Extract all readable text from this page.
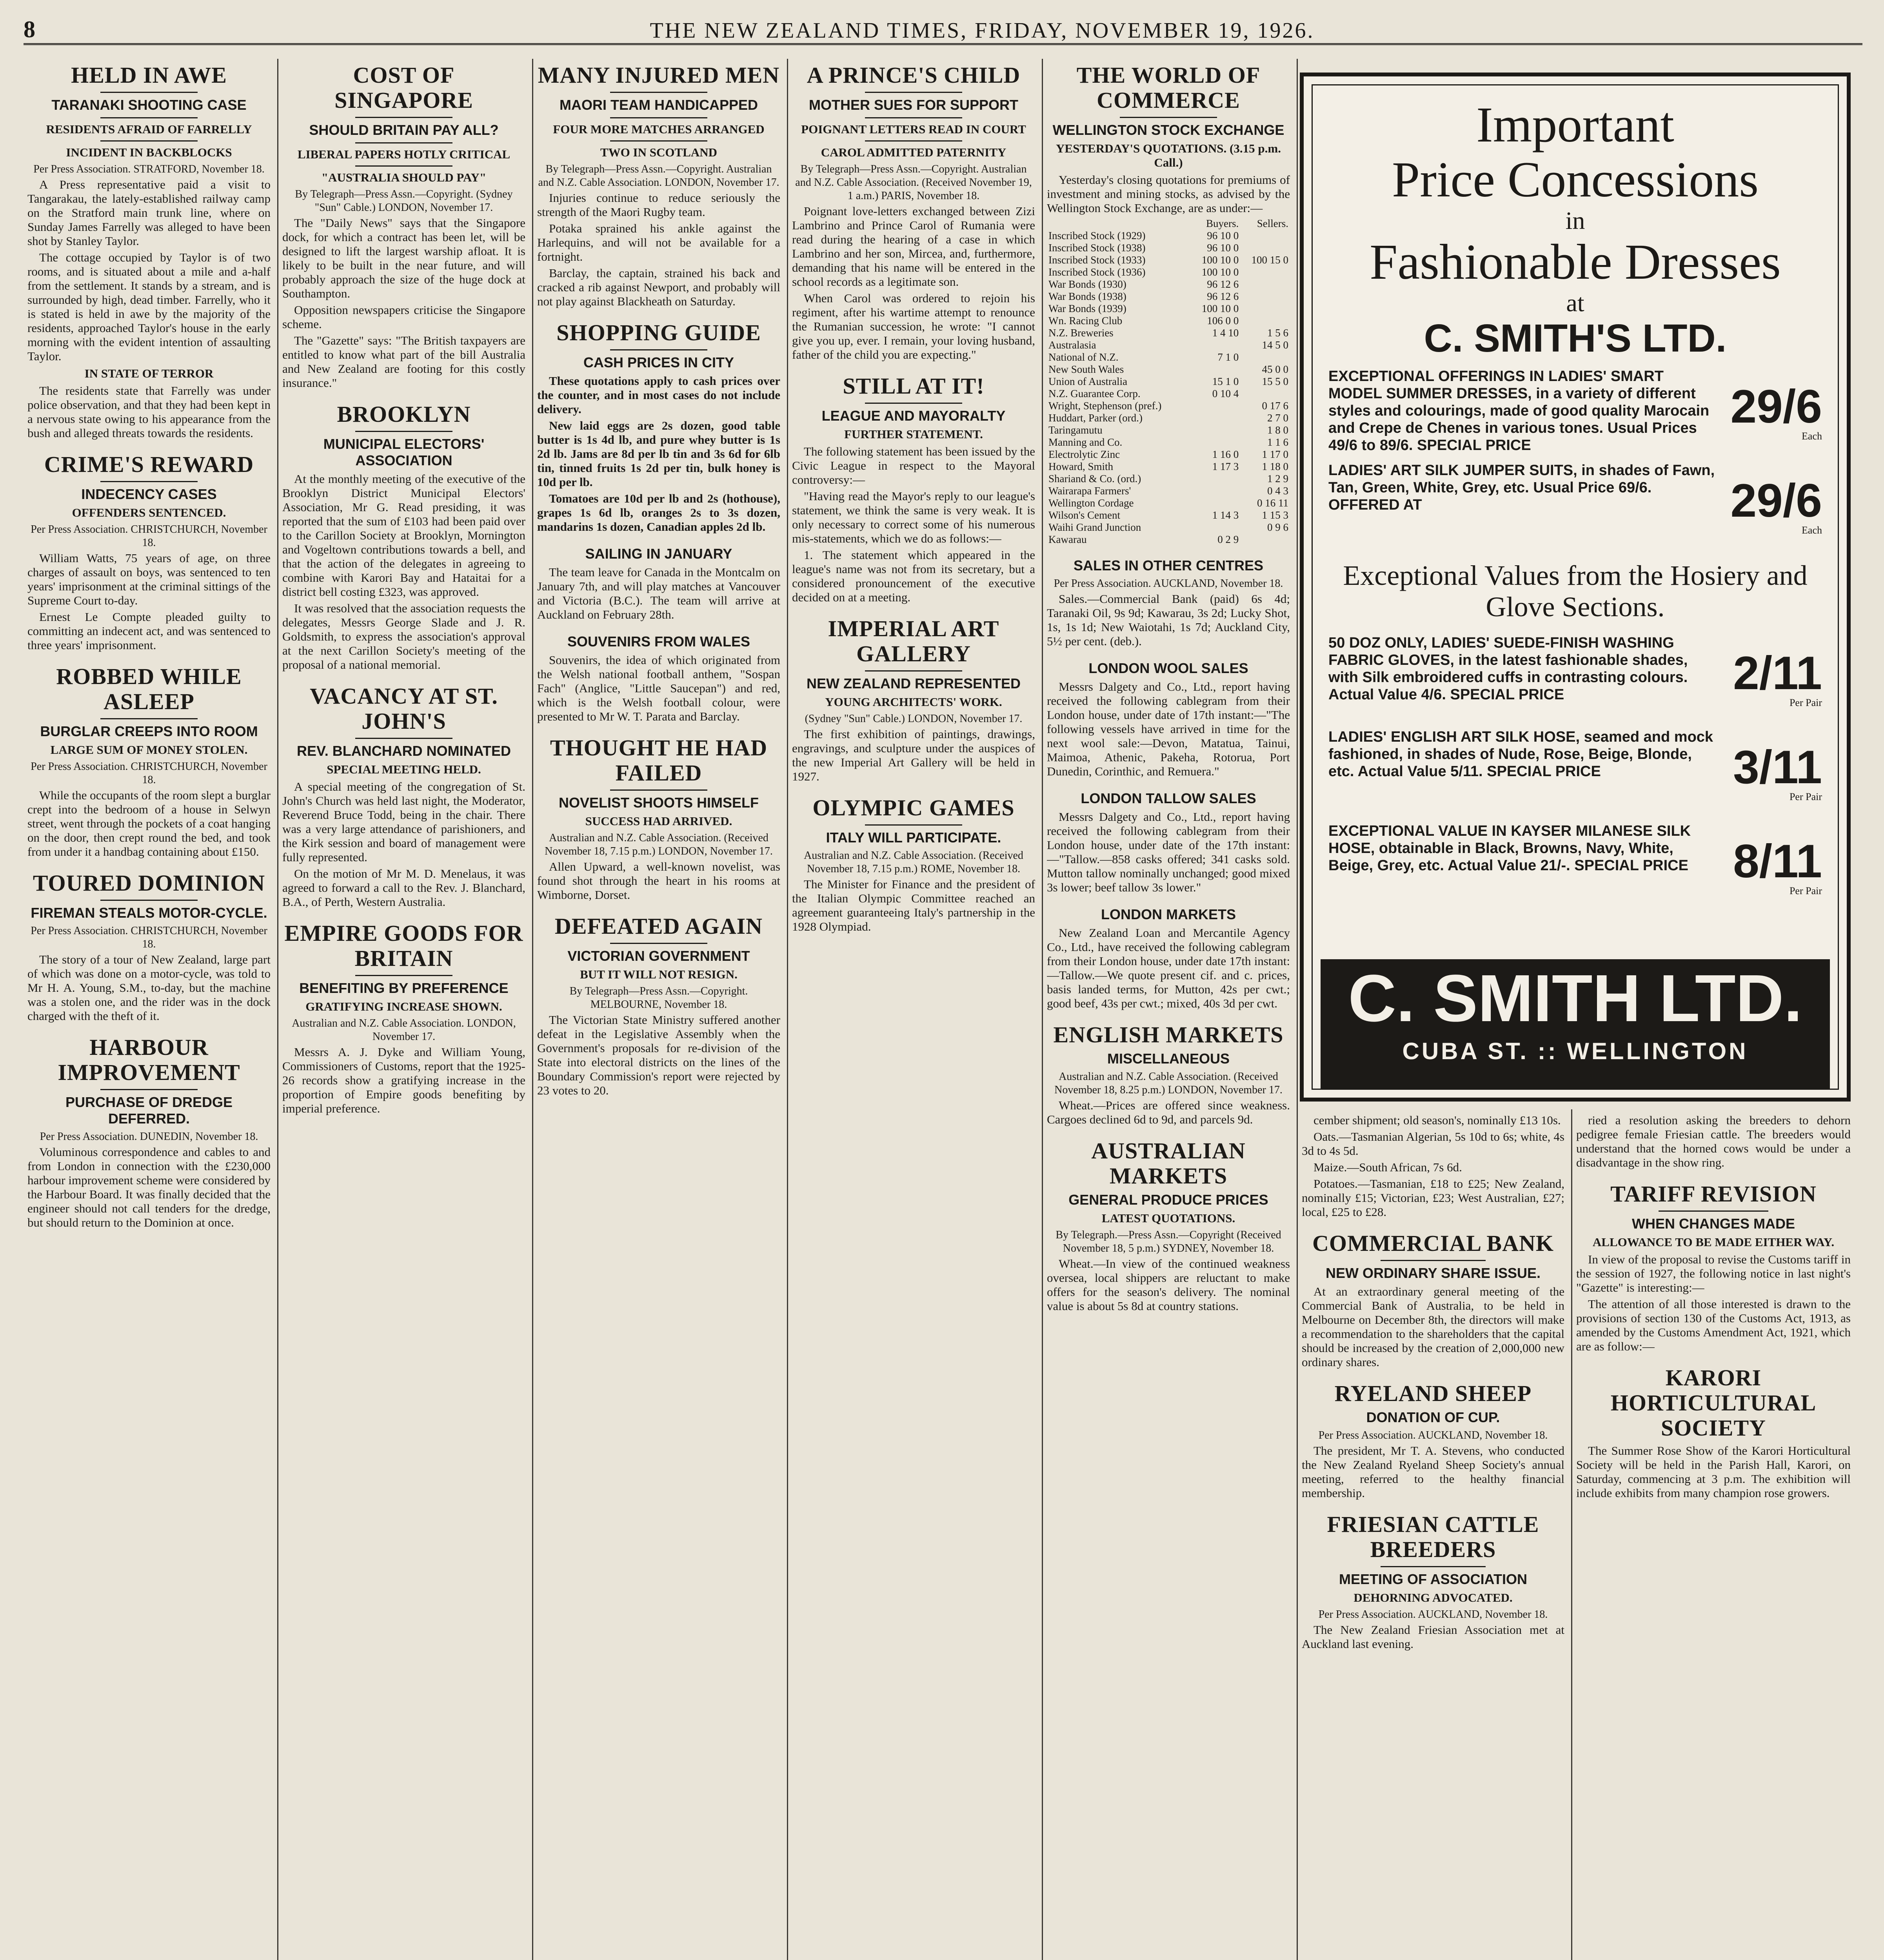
8	THE NEW ZEALAND TIMES, FRIDAY, NOVEMBER 19, 1926.
HELD IN AWE
TARANAKI SHOOTING CASE
RESIDENTS AFRAID OF FARRELLY
INCIDENT IN BACKBLOCKS
Per Press Association. STRATFORD, November 18.

A Press representative paid a visit to Tangarakau, the lately-established railway camp on the Stratford main trunk line, where on Sunday James Farrelly was alleged to have been shot by Stanley Taylor.

The cottage occupied by Taylor is of two rooms, and is situated about a mile and a-half from the settlement. It stands by a stream, and is surrounded by high, dead timber. Farrelly, who it is stated is held in awe by the majority of the residents, approached Taylor's house in the early morning with the evident intention of assaulting Taylor.

IN STATE OF TERROR

The residents state that Farrelly was under police observation, and that they had been kept in a nervous state owing to his appearance from the bush and alleged threats towards the residents.

CRIME'S REWARD
INDECENCY CASES
OFFENDERS SENTENCED.
Per Press Association. CHRISTCHURCH, November 18.

William Watts, 75 years of age, on three charges of assault on boys, was sentenced to ten years' imprisonment at the criminal sittings of the Supreme Court to-day.

Ernest Le Compte pleaded guilty to committing an indecent act, and was sentenced to three years' imprisonment.

ROBBED WHILE ASLEEP
BURGLAR CREEPS INTO ROOM
LARGE SUM OF MONEY STOLEN.
Per Press Association. CHRISTCHURCH, November 18.

While the occupants of the room slept a burglar crept into the bedroom of a house in Selwyn street, went through the pockets of a coat hanging on the door, then crept round the bed, and took from under it a handbag containing about £150.

TOURED DOMINION
FIREMAN STEALS MOTOR-CYCLE.
Per Press Association. CHRISTCHURCH, November 18.

The story of a tour of New Zealand, large part of which was done on a motor-cycle, was told to Mr H. A. Young, S.M., to-day, but the machine was a stolen one, and the rider was in the dock charged with the theft of it.

HARBOUR IMPROVEMENT
PURCHASE OF DREDGE DEFERRED.
Per Press Association. DUNEDIN, November 18.

Voluminous correspondence and cables to and from London in connection with the £230,000 harbour improvement scheme were considered by the Harbour Board. It was finally decided that the engineer should not call tenders for the dredge, but should return to the Dominion at once.

COST OF SINGAPORE
SHOULD BRITAIN PAY ALL?
LIBERAL PAPERS HOTLY CRITICAL
"AUSTRALIA SHOULD PAY"
By Telegraph—Press Assn.—Copyright. (Sydney "Sun" Cable.) LONDON, November 17.

The "Daily News" says that the Singapore dock, for which a contract has been let, will be designed to lift the largest warship afloat. It is likely to be built in the near future, and will probably approach the size of the huge dock at Southampton.

Opposition newspapers criticise the Singapore scheme.

The "Gazette" says: "The British taxpayers are entitled to know what part of the bill Australia and New Zealand are footing for this costly insurance."

BROOKLYN
MUNICIPAL ELECTORS' ASSOCIATION

At the monthly meeting of the executive of the Brooklyn District Municipal Electors' Association, Mr G. Read presiding, it was reported that the sum of £103 had been paid over to the Carillon Society at Brooklyn, Mornington and Vogeltown contributions towards a bell, and that the action of the delegates in agreeing to combine with Karori Bay and Hataitai for a district bell costing £323, was approved.

It was resolved that the association requests the delegates, Messrs George Slade and J. R. Goldsmith, to express the association's approval at the next Carillon Society's meeting of the proposal of a national memorial.

VACANCY AT ST. JOHN'S
REV. BLANCHARD NOMINATED
SPECIAL MEETING HELD.

A special meeting of the congregation of St. John's Church was held last night, the Moderator, Reverend Bruce Todd, being in the chair. There was a very large attendance of parishioners, and the Kirk session and board of management were fully represented.

On the motion of Mr M. D. Menelaus, it was agreed to forward a call to the Rev. J. Blanchard, B.A., of Perth, Western Australia.

EMPIRE GOODS FOR BRITAIN
BENEFITING BY PREFERENCE
GRATIFYING INCREASE SHOWN.
Australian and N.Z. Cable Association. LONDON, November 17.

Messrs A. J. Dyke and William Young, Commissioners of Customs, report that the 1925-26 records show a gratifying increase in the proportion of Empire goods benefiting by imperial preference.

MANY INJURED MEN
MAORI TEAM HANDICAPPED
FOUR MORE MATCHES ARRANGED
TWO IN SCOTLAND
By Telegraph—Press Assn.—Copyright. Australian and N.Z. Cable Association. LONDON, November 17.

Injuries continue to reduce seriously the strength of the Maori Rugby team.

Potaka sprained his ankle against the Harlequins, and will not be available for a fortnight.

Barclay, the captain, strained his back and cracked a rib against Newport, and probably will not play against Blackheath on Saturday.

SHOPPING GUIDE
CASH PRICES IN CITY

These quotations apply to cash prices over the counter, and in most cases do not include delivery.

New laid eggs are 2s dozen, good table butter is 1s 4d lb, and pure whey butter is 1s 2d lb. Jams are 8d per lb tin and 3s 6d for 6lb tin, tinned fruits 1s 2d per tin, bulk honey is 10d per lb.

Tomatoes are 10d per lb and 2s (hothouse), grapes 1s 6d lb, oranges 2s to 3s dozen, mandarins 1s dozen, Canadian apples 2d lb.

SAILING IN JANUARY

The team leave for Canada in the Montcalm on January 7th, and will play matches at Vancouver and Victoria (B.C.). The team will arrive at Auckland on February 28th.

SOUVENIRS FROM WALES

Souvenirs, the idea of which originated from the Welsh national football anthem, "Sospan Fach" (Anglice, "Little Saucepan") and red, which is the Welsh football colour, were presented to Mr W. T. Parata and Barclay.

THOUGHT HE HAD FAILED
NOVELIST SHOOTS HIMSELF
SUCCESS HAD ARRIVED.
Australian and N.Z. Cable Association. (Received November 18, 7.15 p.m.) LONDON, November 17.

Allen Upward, a well-known novelist, was found shot through the heart in his rooms at Wimborne, Dorset.

DEFEATED AGAIN
VICTORIAN GOVERNMENT
BUT IT WILL NOT RESIGN.
By Telegraph—Press Assn.—Copyright. MELBOURNE, November 18.

The Victorian State Ministry suffered another defeat in the Legislative Assembly when the Government's proposals for re-division of the State into electoral districts on the lines of the Boundary Commission's report were rejected by 23 votes to 20.

A PRINCE'S CHILD
MOTHER SUES FOR SUPPORT
POIGNANT LETTERS READ IN COURT
CAROL ADMITTED PATERNITY
By Telegraph—Press Assn.—Copyright. Australian and N.Z. Cable Association. (Received November 19, 1 a.m.) PARIS, November 18.

Poignant love-letters exchanged between Zizi Lambrino and Prince Carol of Rumania were read during the hearing of a case in which Lambrino and her son, Mircea, and, furthermore, demanding that his name will be entered in the school records as a legitimate son.

When Carol was ordered to rejoin his regiment, after his wartime attempt to renounce the Rumanian succession, he wrote: "I cannot give you up, ever. I remain, your loving husband, father of the child you are expecting."

STILL AT IT!
LEAGUE AND MAYORALTY
FURTHER STATEMENT.

The following statement has been issued by the Civic League in respect to the Mayoral controversy:—

"Having read the Mayor's reply to our league's statement, we think the same is very weak. It is only necessary to correct some of his numerous mis-statements, which we do as follows:—

1. The statement which appeared in the league's name was not from its secretary, but a considered pronouncement of the executive decided on at a meeting.

IMPERIAL ART GALLERY
NEW ZEALAND REPRESENTED
YOUNG ARCHITECTS' WORK.
(Sydney "Sun" Cable.) LONDON, November 17.

The first exhibition of paintings, drawings, engravings, and sculpture under the auspices of the new Imperial Art Gallery will be held in 1927.

OLYMPIC GAMES
ITALY WILL PARTICIPATE.
Australian and N.Z. Cable Association. (Received November 18, 7.15 p.m.) ROME, November 18.

The Minister for Finance and the president of the Italian Olympic Committee reached an agreement guaranteeing Italy's partnership in the 1928 Olympiad.

THE WORLD OF COMMERCE
WELLINGTON STOCK EXCHANGE
YESTERDAY'S QUOTATIONS. (3.15 p.m. Call.)

Yesterday's closing quotations for premiums of investment and mining stocks, as advised by the Wellington Stock Exchange, are as under:—

	Buyers.	Sellers.
Inscribed Stock (1929)	96 10 0	
Inscribed Stock (1938)	96 10 0	
Inscribed Stock (1933)	100 10 0	100 15 0
Inscribed Stock (1936)	100 10 0	
War Bonds (1930)	96 12 6	
War Bonds (1938)	96 12 6	
War Bonds (1939)	100 10 0	
Wn. Racing Club	106 0 0	
N.Z. Breweries	1 4 10	1 5 6
Australasia		14 5 0
National of N.Z.	7 1 0	
New South Wales		45 0 0
Union of Australia	15 1 0	15 5 0
N.Z. Guarantee Corp.	0 10 4	
Wright, Stephenson (pref.)		0 17 6
Huddart, Parker (ord.)		2 7 0
Taringamutu		1 8 0
Manning and Co.		1 1 6
Electrolytic Zinc	1 16 0	1 17 0
Howard, Smith	1 17 3	1 18 0
Shariand & Co. (ord.)		1 2 9
Wairarapa Farmers'		0 4 3
Wellington Cordage		0 16 11
Wilson's Cement	1 14 3	1 15 3
Waihi Grand Junction		0 9 6
Kawarau	0 2 9	
SALES IN OTHER CENTRES
Per Press Association. AUCKLAND, November 18.

Sales.—Commercial Bank (paid) 6s 4d; Taranaki Oil, 9s 9d; Kawarau, 3s 2d; Lucky Shot, 1s, 1s 1d; New Waiotahi, 1s 7d; Auckland City, 5½ per cent. (deb.).

LONDON WOOL SALES

Messrs Dalgety and Co., Ltd., report having received the following cablegram from their London house, under date of 17th instant:—"The following vessels have arrived in time for the next wool sale:—Devon, Matatua, Tainui, Maimoa, Athenic, Pakeha, Rotorua, Port Dunedin, Corinthic, and Remuera."

LONDON TALLOW SALES

Messrs Dalgety and Co., Ltd., report having received the following cablegram from their London house, under date of the 17th instant:—"Tallow.—858 casks offered; 341 casks sold. Mutton tallow nominally unchanged; good mixed 3s lower; beef tallow 3s lower."

LONDON MARKETS

New Zealand Loan and Mercantile Agency Co., Ltd., have received the following cablegram from their London house, under date 17th instant:—Tallow.—We quote present cif. and c. prices, basis landed terms, for Mutton, 42s per cwt.; good beef, 43s per cwt.; mixed, 40s 3d per cwt.

ENGLISH MARKETS
MISCELLANEOUS
Australian and N.Z. Cable Association. (Received November 18, 8.25 p.m.) LONDON, November 17.

Wheat.—Prices are offered since weakness. Cargoes declined 6d to 9d, and parcels 9d.

AUSTRALIAN MARKETS
GENERAL PRODUCE PRICES
LATEST QUOTATIONS.
By Telegraph.—Press Assn.—Copyright (Received November 18, 5 p.m.) SYDNEY, November 18.

Wheat.—In view of the continued weakness oversea, local shippers are reluctant to make offers for the season's delivery. The nominal value is about 5s 8d at country stations.

Important
Price Concessions
in
Fashionable Dresses
at
C. SMITH'S LTD.
EXCEPTIONAL OFFERINGS IN LADIES' SMART MODEL SUMMER DRESSES, in a variety of different styles and colourings, made of good quality Marocain and Crepe de Chenes in various tones. Usual Prices 49/6 to 89/6. SPECIAL PRICE
29/6
Each
LADIES' ART SILK JUMPER SUITS, in shades of Fawn, Tan, Green, White, Grey, etc. Usual Price 69/6. OFFERED AT	29/6
Each
Exceptional Values from the Hosiery and Glove Sections.
50 DOZ ONLY, LADIES' SUEDE-FINISH WASHING FABRIC GLOVES, in the latest fashionable shades, with Silk embroidered cuffs in contrasting colours. Actual Value 4/6. SPECIAL PRICE	2/11
Per Pair
LADIES' ENGLISH ART SILK HOSE, seamed and mock fashioned, in shades of Nude, Rose, Beige, Blonde, etc. Actual Value 5/11. SPECIAL PRICE	3/11
Per Pair
EXCEPTIONAL VALUE IN KAYSER MILANESE SILK HOSE, obtainable in Black, Browns, Navy, White, Beige, Grey, etc. Actual Value 21/-. SPECIAL PRICE 8/11
Per Pair
C. SMITH LTD.
CUBA ST. :: WELLINGTON

cember shipment; old season's, nominally £13 10s.

Oats.—Tasmanian Algerian, 5s 10d to 6s; white, 4s 3d to 4s 5d.

Maize.—South African, 7s 6d.

Potatoes.—Tasmanian, £18 to £25; New Zealand, nominally £15; Victorian, £23; West Australian, £27; local, £25 to £28.

COMMERCIAL BANK
NEW ORDINARY SHARE ISSUE.

At an extraordinary general meeting of the Commercial Bank of Australia, to be held in Melbourne on December 8th, the directors will make a recommendation to the shareholders that the capital should be increased by the creation of 2,000,000 new ordinary shares.

RYELAND SHEEP
DONATION OF CUP.
Per Press Association. AUCKLAND, November 18.

The president, Mr T. A. Stevens, who conducted the New Zealand Ryeland Sheep Society's annual meeting, referred to the healthy financial membership.

FRIESIAN CATTLE BREEDERS
MEETING OF ASSOCIATION
DEHORNING ADVOCATED.
Per Press Association. AUCKLAND, November 18.

The New Zealand Friesian Association met at Auckland last evening.

ried a resolution asking the breeders to dehorn pedigree female Friesian cattle. The breeders would understand that the horned cows would be under a disadvantage in the show ring.

TARIFF REVISION
WHEN CHANGES MADE
ALLOWANCE TO BE MADE EITHER WAY.

In view of the proposal to revise the Customs tariff in the session of 1927, the following notice in last night's "Gazette" is interesting:—

The attention of all those interested is drawn to the provisions of section 130 of the Customs Act, 1913, as amended by the Customs Amendment Act, 1921, which are as follow:—

KARORI HORTICULTURAL SOCIETY

The Summer Rose Show of the Karori Horticultural Society will be held in the Parish Hall, Karori, on Saturday, commencing at 3 p.m. The exhibition will include exhibits from many champion rose growers.
